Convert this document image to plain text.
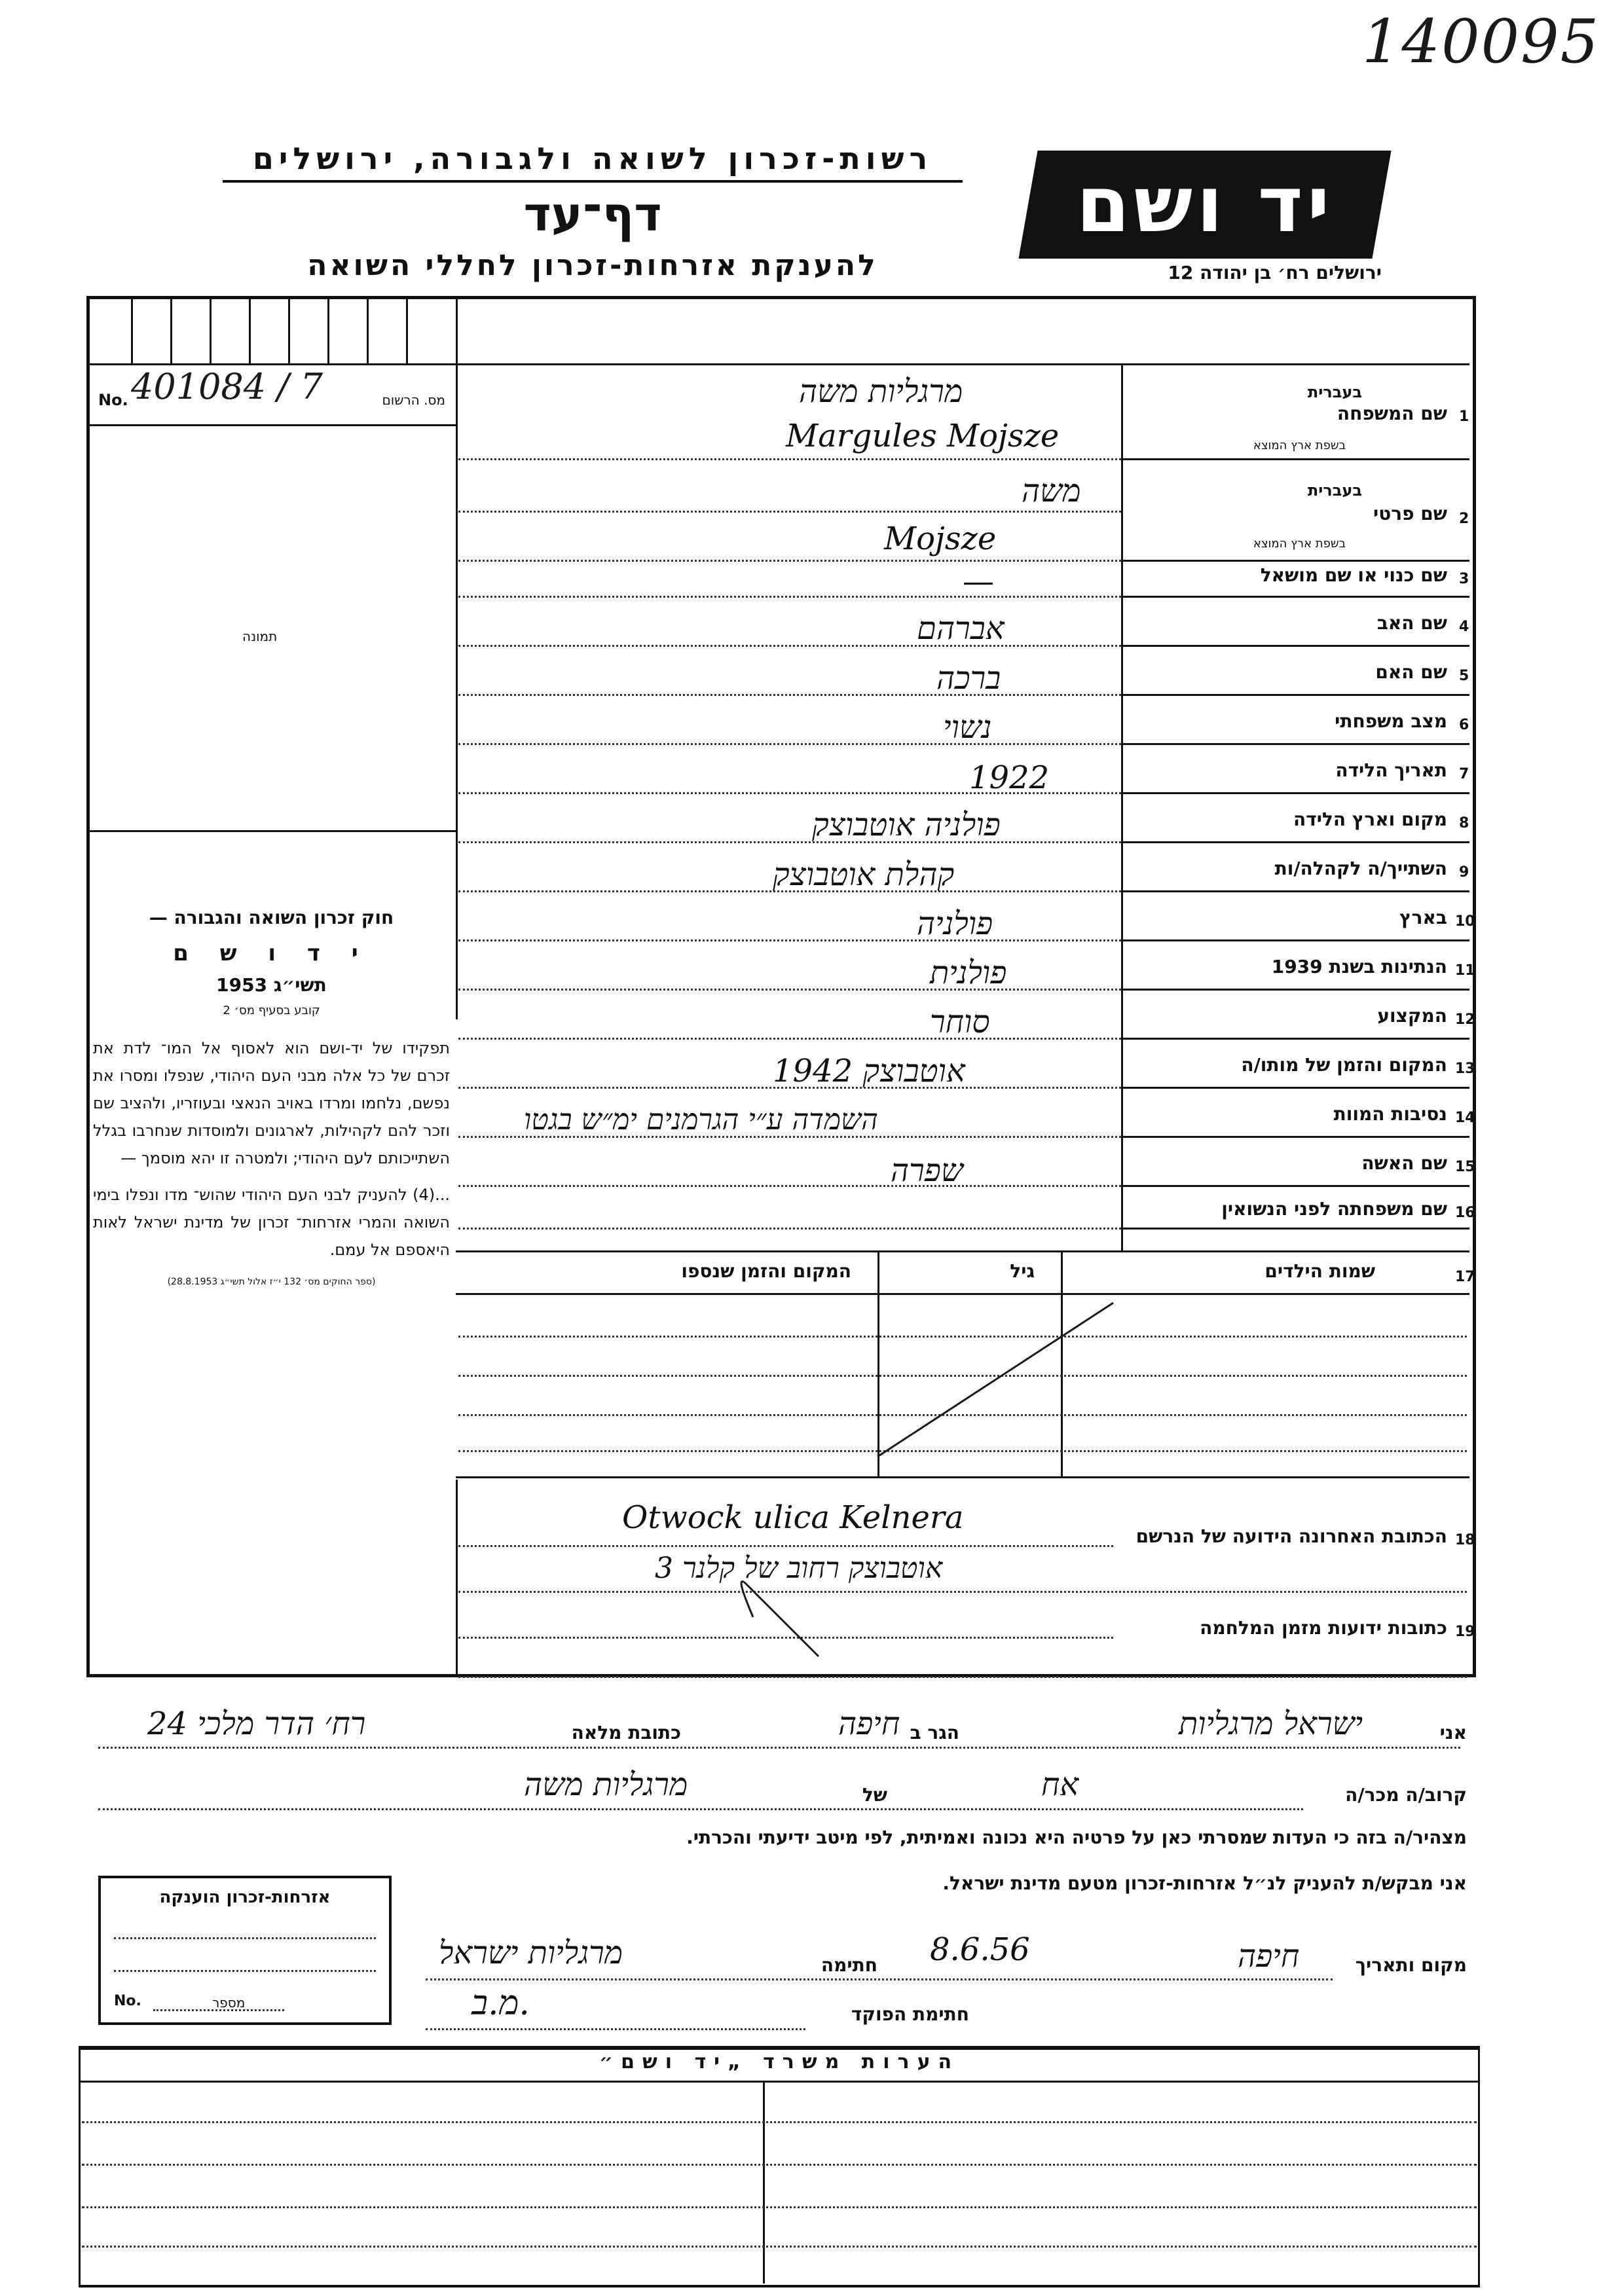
140095
רשות-זכרון לשואה ולגבורה, ירושלים
דף־עד
להענקת אזרחות-זכרון לחללי השואה
יד ושם
ירושלים רח׳ בן יהודה 12
No. 401084 / 7	מס. הרשום
תמונה
חוק זכרון השואה והגבורה —
י ד ו ש ם
תשי״ג 1953
קובע בסעיף מס׳ 2
תפקידו של יד-ושם הוא לאסוף אל המו־ לדת את זכרם של כל אלה מבני העם היהודי, שנפלו ומסרו את נפשם, נלחמו ומרדו באויב הנאצי ובעוזריו, ולהציב שם וזכר להם לקהילות, לארגונים ולמוסדות שנחרבו בגלל השתייכותם לעם היהודי; ולמטרה זו יהא מוסמך —
...(4) להעניק לבני העם היהודי שהוש־ מדו ונפלו בימי השואה והמרי אזרחות־ זכרון של מדינת ישראל לאות היאספם אל עמם.
(ספר החוקים מס׳ 132 י״ז אלול תשי״ג 28.8.1953)
1
שם המשפחה
בעברית
בשפת ארץ המוצא
2
שם פרטי
בעברית
בשפת ארץ המוצא
3
שם כנוי או שם מושאל
4
שם האב
5
שם האם
6
מצב משפחתי
7
תאריך הלידה
8
מקום וארץ הלידה
9
השתייך/ה לקהלה/ות
10
בארץ
11
הנתינות בשנת 1939
12
המקצוע
13
המקום והזמן של מותו/ה
14
נסיבות המוות
15
שם האשה
16
שם משפחתה לפני הנשואין
מרגליות משה
Margules Mojsze
משה
Mojsze
—
אברהם
ברכה
נשוי
1922
פולניה אוטבוצק
קהלת אוטבוצק
פולניה
פולנית
סוחר
אוטבוצק 1942
השמדה ע״י הגרמנים ימ״ש בגטו
שפרה
17
שמות הילדים
גיל
המקום והזמן שנספו
18
הכתובת האחרונה הידועה של הנרשם
Otwock ulica Kelnera
אוטבוצק רחוב של קלנר 3
19
כתובות ידועות מזמן המלחמה
אני
ישראל מרגליות
הגר ב
חיפה
כתובת מלאה
רח׳ הדר מלכי 24
קרוב/ה מכר/ה
אח
של
מרגליות משה
מצהיר/ה בזה כי העדות שמסרתי כאן על פרטיה היא נכונה ואמיתית, לפי מיטב ידיעתי והכרתי.
אני מבקש/ת להעניק לנ״ל אזרחות-זכרון מטעם מדינת ישראל.
מקום ותאריך
חיפה
8.6.56
חתימה
מרגליות ישראל
חתימת הפוקד
מ.ב.
אזרחות-זכרון הוענקה
No.	מספר
הערות משרד „יד ושם״
